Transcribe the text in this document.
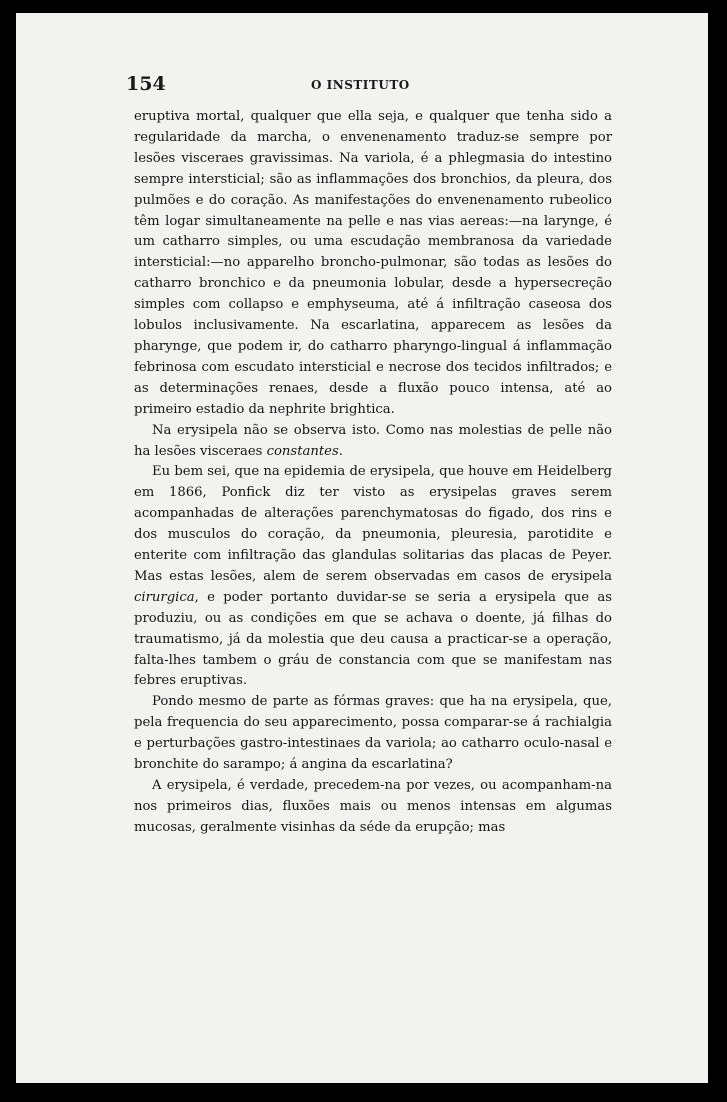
154	O INSTITUTO

eruptiva mortal, qualquer que ella seja, e qualquer que tenha sido a regularidade da marcha, o envenenamento traduz-se sempre por lesões visceraes gravissimas. Na variola, é a phlegmasia do intestino sempre intersticial; são as inflammações dos bronchios, da pleura, dos pulmões e do coração. As manifestações do envenenamento rubeolico têm logar simultaneamente na pelle e nas vias aereas:—na larynge, é um catharro simples, ou uma escudação membranosa da variedade intersticial:—no apparelho broncho-pulmonar, são todas as lesões do catharro bronchico e da pneumonia lobular, desde a hypersecreção simples com collapso e emphyseuma, até á infiltração caseosa dos lobulos inclusivamente. Na escarlatina, apparecem as lesões da pharynge, que podem ir, do catharro pharyngo-lingual á inflammação febrinosa com escudato intersticial e necrose dos tecidos infiltrados; e as determinações renaes, desde a fluxão pouco intensa, até ao primeiro estadio da nephrite brightica.

Na erysipela não se observa isto. Como nas molestias de pelle não ha lesões visceraes constantes.

Eu bem sei, que na epidemia de erysipela, que houve em Heidelberg em 1866, Ponfick diz ter visto as erysipelas graves serem acompanhadas de alterações parenchymatosas do figado, dos rins e dos musculos do coração, da pneumonia, pleuresia, parotidite e enterite com infiltração das glandulas solitarias das placas de Peyer. Mas estas lesões, alem de serem observadas em casos de erysipela cirurgica, e poder portanto duvidar-se se seria a erysipela que as produziu, ou as condições em que se achava o doente, já filhas do traumatismo, já da molestia que deu causa a practicar-se a operação, falta-lhes tambem o gráu de constancia com que se manifestam nas febres eruptivas.

Pondo mesmo de parte as fórmas graves: que ha na erysipela, que, pela frequencia do seu apparecimento, possa comparar-se á rachialgia e perturbações gastro-intestinaes da variola; ao catharro oculo-nasal e bronchite do sarampo; á angina da escarlatina?

A erysipela, é verdade, precedem-na por vezes, ou acompanham-na nos primeiros dias, fluxões mais ou menos intensas em algumas mucosas, geralmente visinhas da séde da erupção; mas
